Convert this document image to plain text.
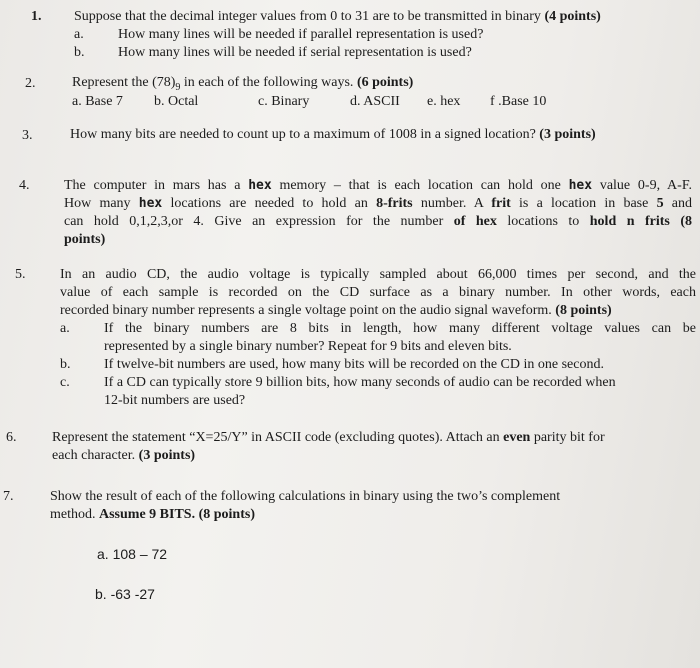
1. Suppose that the decimal integer values from 0 to 31 are to be transmitted in binary (4 points)
a. How many lines will be needed if parallel representation is used?
b. How many lines will be needed if serial representation is used?
2.	Represent the $(78)_9$ in each of the following ways. (6 points)
a. Base 7 b. Octal	c. Binary	d. ASCII e. hex f .Base 10
3.	How many bits are needed to count up to a maximum of 1008 in a signed location? (3 points)
4. The computer in mars has a hex memory – that is each location can hold one hex value 0-9, A-F.
How many hex locations are needed to hold an 8-frits number. A frit is a location in base 5 and
can hold 0,1,2,3,or 4. Give an expression for the number of hex locations to hold n frits (8
points)
5. In an audio CD, the audio voltage is typically sampled about 66,000 times per second, and the
value of each sample is recorded on the CD surface as a binary number. In other words, each
recorded binary number represents a single voltage point on the audio signal waveform. (8 points)
a. If the binary numbers are 8 bits in length, how many different voltage values can be
represented by a single binary number? Repeat for 9 bits and eleven bits.
b. If twelve-bit numbers are used, how many bits will be recorded on the CD in one second.
c. If a CD can typically store 9 billion bits, how many seconds of audio can be recorded when
12-bit numbers are used?
6.	Represent the statement “X=25/Y” in ASCII code (excluding quotes). Attach an even parity bit for
each character. (3 points)
7.	Show the result of each of the following calculations in binary using the two’s complement
method. Assume 9 BITS. (8 points)
a. 108 – 72
b. -63 -27
